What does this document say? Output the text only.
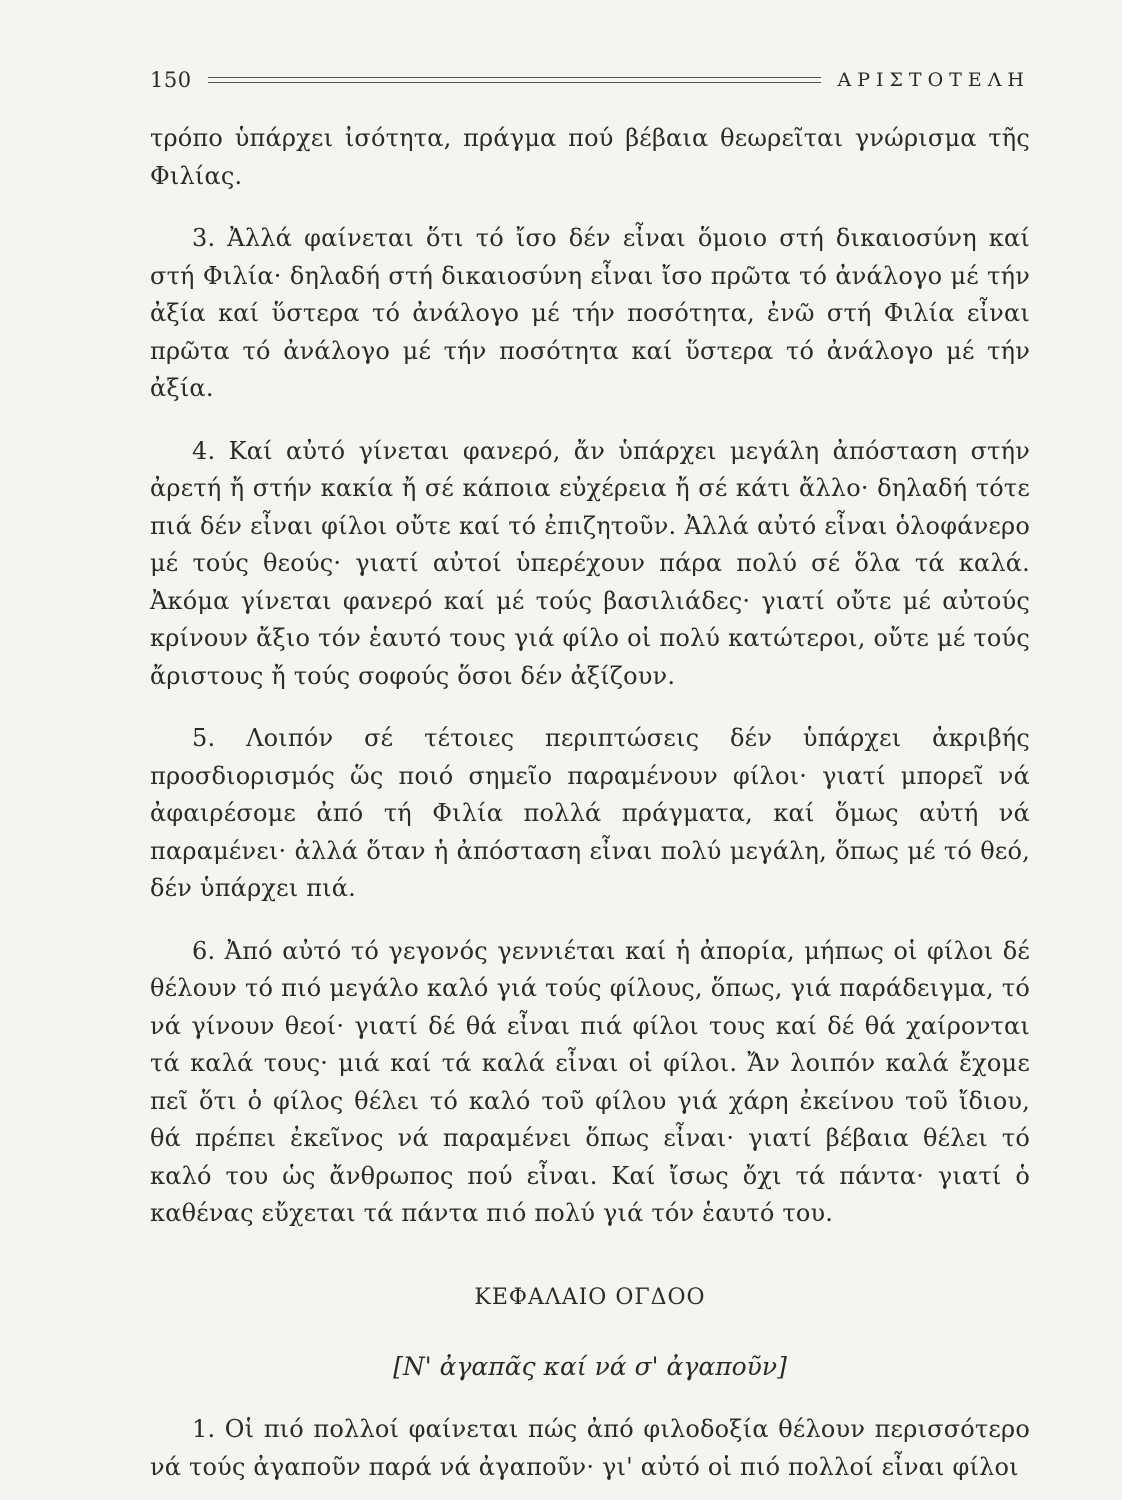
150	ΑΡΙΣΤΟΤΕΛΗ

τρόπο ὑπάρχει ἰσότητα, πράγμα πού βέβαια θεωρεῖται γνώρισμα τῆς Φιλίας.

3. Ἀλλά φαίνεται ὅτι τό ἴσο δέν εἶναι ὅμοιο στή δικαιοσύνη καί στή Φιλία· δηλαδή στή δικαιοσύνη εἶναι ἴσο πρῶτα τό ἀνάλογο μέ τήν ἀξία καί ὕστερα τό ἀνάλογο μέ τήν ποσότητα, ἐνῶ στή Φιλία εἶναι πρῶτα τό ἀνάλογο μέ τήν ποσότητα καί ὕστερα τό ἀνάλογο μέ τήν ἀξία.

4. Καί αὐτό γίνεται φανερό, ἄν ὑπάρχει μεγάλη ἀπόσταση στήν ἀρετή ἤ στήν κακία ἤ σέ κάποια εὐχέρεια ἤ σέ κάτι ἄλλο· δηλαδή τότε πιά δέν εἶναι φίλοι οὔτε καί τό ἐπιζητοῦν. Ἀλλά αὐτό εἶναι ὁλοφάνερο μέ τούς θεούς· γιατί αὐτοί ὑπερέχουν πάρα πολύ σέ ὅλα τά καλά. Ἀκόμα γίνεται φανερό καί μέ τούς βασιλιάδες· γιατί οὔτε μέ αὐτούς κρίνουν ἄξιο τόν ἑαυτό τους γιά φίλο οἱ πολύ κατώτεροι, οὔτε μέ τούς ἄριστους ἤ τούς σοφούς ὅσοι δέν ἀξίζουν.

5. Λοιπόν σέ τέτοιες περιπτώσεις δέν ὑπάρχει ἀκριβής προσδιορισμός ὥς ποιό σημεῖο παραμένουν φίλοι· γιατί μπορεῖ νά ἀφαιρέσομε ἀπό τή Φιλία πολλά πράγματα, καί ὅμως αὐτή νά παραμένει· ἀλλά ὅταν ἡ ἀπόσταση εἶναι πολύ μεγάλη, ὅπως μέ τό θεό, δέν ὑπάρχει πιά.

6. Ἀπό αὐτό τό γεγονός γεννιέται καί ἡ ἀπορία, μήπως οἱ φίλοι δέ θέλουν τό πιό μεγάλο καλό γιά τούς φίλους, ὅπως, γιά παράδειγμα, τό νά γίνουν θεοί· γιατί δέ θά εἶναι πιά φίλοι τους καί δέ θά χαίρονται τά καλά τους· μιά καί τά καλά εἶναι οἱ φίλοι. Ἄν λοιπόν καλά ἔχομε πεῖ ὅτι ὁ φίλος θέλει τό καλό τοῦ φίλου γιά χάρη ἐκείνου τοῦ ἴδιου, θά πρέπει ἐκεῖνος νά παραμένει ὅπως εἶναι· γιατί βέβαια θέλει τό καλό του ὡς ἄνθρωπος πού εἶναι. Καί ἴσως ὄχι τά πάντα· γιατί ὁ καθένας εὔχεται τά πάντα πιό πολύ γιά τόν ἑαυτό του.

ΚΕΦΑΛΑΙΟ ΟΓΔΟΟ
[Ν' ἀγαπᾶς καί νά σ' ἀγαποῦν]

1. Οἱ πιό πολλοί φαίνεται πώς ἀπό φιλοδοξία θέλουν περισσότερο νά τούς ἀγαποῦν παρά νά ἀγαποῦν· γι' αὐτό οἱ πιό πολλοί εἶναι φίλοι
